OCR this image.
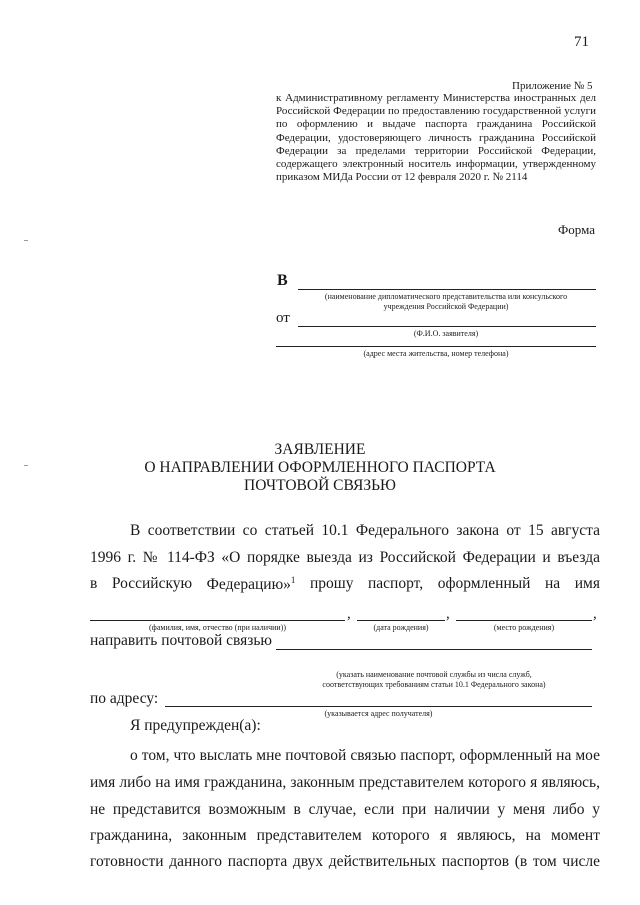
71
Приложение № 5
к Административному регламенту Министерства иностранных дел
Российской Федерации по предоставлению государственной услуги
по оформлению и выдаче паспорта гражданина Российской
Федерации, удостоверяющего личность гражданина Российской
Федерации за пределами территории Российской Федерации,
содержащего электронный носитель информации, утвержденному
приказом МИДа России от 12 февраля 2020 г. № 2114
Форма
В
(наименование дипломатического представительства или консульского
учреждения Российской Федерации)
от
(Ф.И.О. заявителя)
(адрес места жительства, номер телефона)
ЗАЯВЛЕНИЕ
О НАПРАВЛЕНИИ ОФОРМЛЕННОГО ПАСПОРТА
ПОЧТОВОЙ СВЯЗЬЮ
В соответствии со статьей 10.1 Федерального закона от 15 августа
1996 г. № 114-ФЗ «О порядке выезда из Российской Федерации и въезда
в Российскую Федерацию»$^1$ прошу паспорт, оформленный на имя
,	,	,
(фамилия, имя, отчество (при наличии))	(дата рождения)	(место рождения)
направить почтовой связью
(указать наименование почтовой службы из числа служб,
соответствующих требованиям статьи 10.1 Федерального закона)
по адресу:
(указывается адрес получателя)
Я предупрежден(а):
о том, что выслать мне почтовой связью паспорт, оформленный на мое
имя либо на имя гражданина, законным представителем которого я являюсь,
не представится возможным в случае, если при наличии у меня либо у
гражданина, законным представителем которого я являюсь, на момент
готовности данного паспорта двух действительных паспортов (в том числе
